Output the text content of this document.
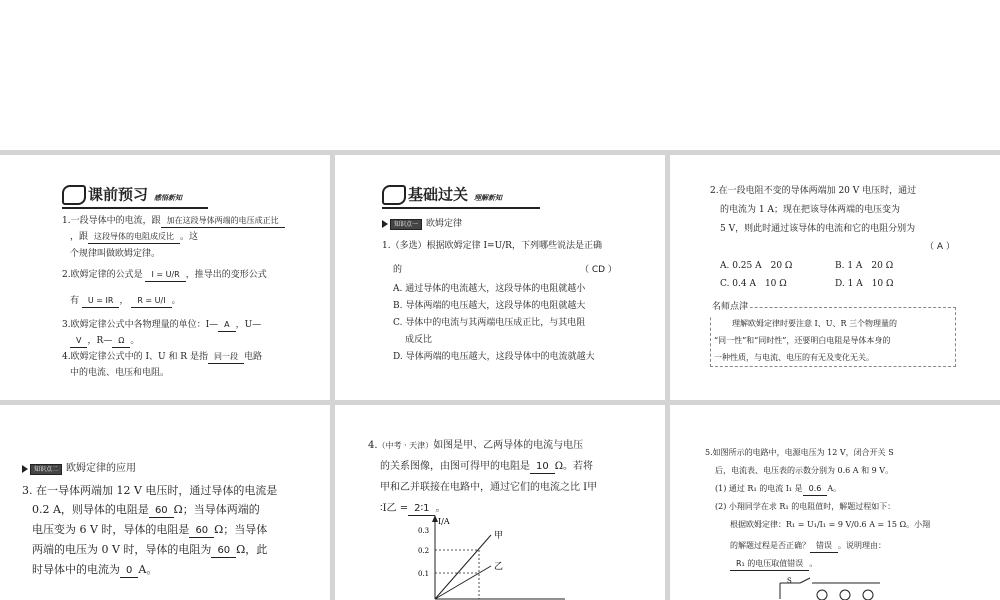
课前预习 感悟新知
1.一段导体中的电流，跟 加在这段导体两端的电压成正比
，跟 这段导体的电阻成反比 。这
个规律叫做欧姆定律。
2.欧姆定律的公式是 I = U/R ，推导出的变形公式
有 U = IR ， R = U/I 。
3.欧姆定律公式中各物理量的单位：I— A ，U—
V ，R— Ω 。
4.欧姆定律公式中的 I、U 和 R 是指 同一段 电路
中的电流、电压和电阻。
基础过关 理解新知
知识点一 欧姆定律
1.（多选）根据欧姆定律 I=U/R，下列哪些说法是正确
的	（ CD ）
A. 通过导体的电流越大，这段导体的电阻就越小
B. 导体两端的电压越大，这段导体的电阻就越大
C. 导体中的电流与其两端电压成正比，与其电阻
成反比
D. 导体两端的电压越大，这段导体中的电流就越大
2.在一段电阻不变的导体两端加 20 V 电压时，通过
的电流为 1 A；现在把该导体两端的电压变为
5 V，则此时通过该导体的电流和它的电阻分别为
（ A ）
A. 0.25 A　20 Ω	B. 1 A　20 Ω
C. 0.4 A　10 Ω	D. 1 A　10 Ω
名师点津
理解欧姆定律时要注意 I、U、R 三个物理量的
“同一性”和“同时性”，还要明白电阻是导体本身的
一种性质，与电流、电压的有无及变化无关。
知识点二 欧姆定律的应用
3. 在一导体两端加 12 V 电压时，通过导体的电流是
0.2 A，则导体的电阻是 60 Ω；当导体两端的
电压变为 6 V 时，导体的电阻是 60 Ω；当导体
两端的电压为 0 V 时，导体的电阻为 60 Ω，此
时导体中的电流为 0 A。
4.（中考 · 天津）如图是甲、乙两导体的电流与电压
的关系图像，由图可得甲的电阻是 10 Ω。若将
甲和乙并联接在电路中，通过它们的电流之比 I甲
∶I乙 = 2∶1 。
I/A
0.3
0.2
0.1
甲
乙
5.如图所示的电路中，电源电压为 12 V，闭合开关 S
后，电流表、电压表的示数分别为 0.6 A 和 9 V。
(1) 通过 R₁ 的电流 I₁ 是 0.6 A。
(2) 小翔同学在求 R₁ 的电阻值时，解题过程如下：
根据欧姆定律：R₁ = U₁/I₁ = 9 V/0.6 A = 15 Ω。小翔
的解题过程是否正确？ 错误 。说明理由：
R₁ 的电压取值错误 。
S
